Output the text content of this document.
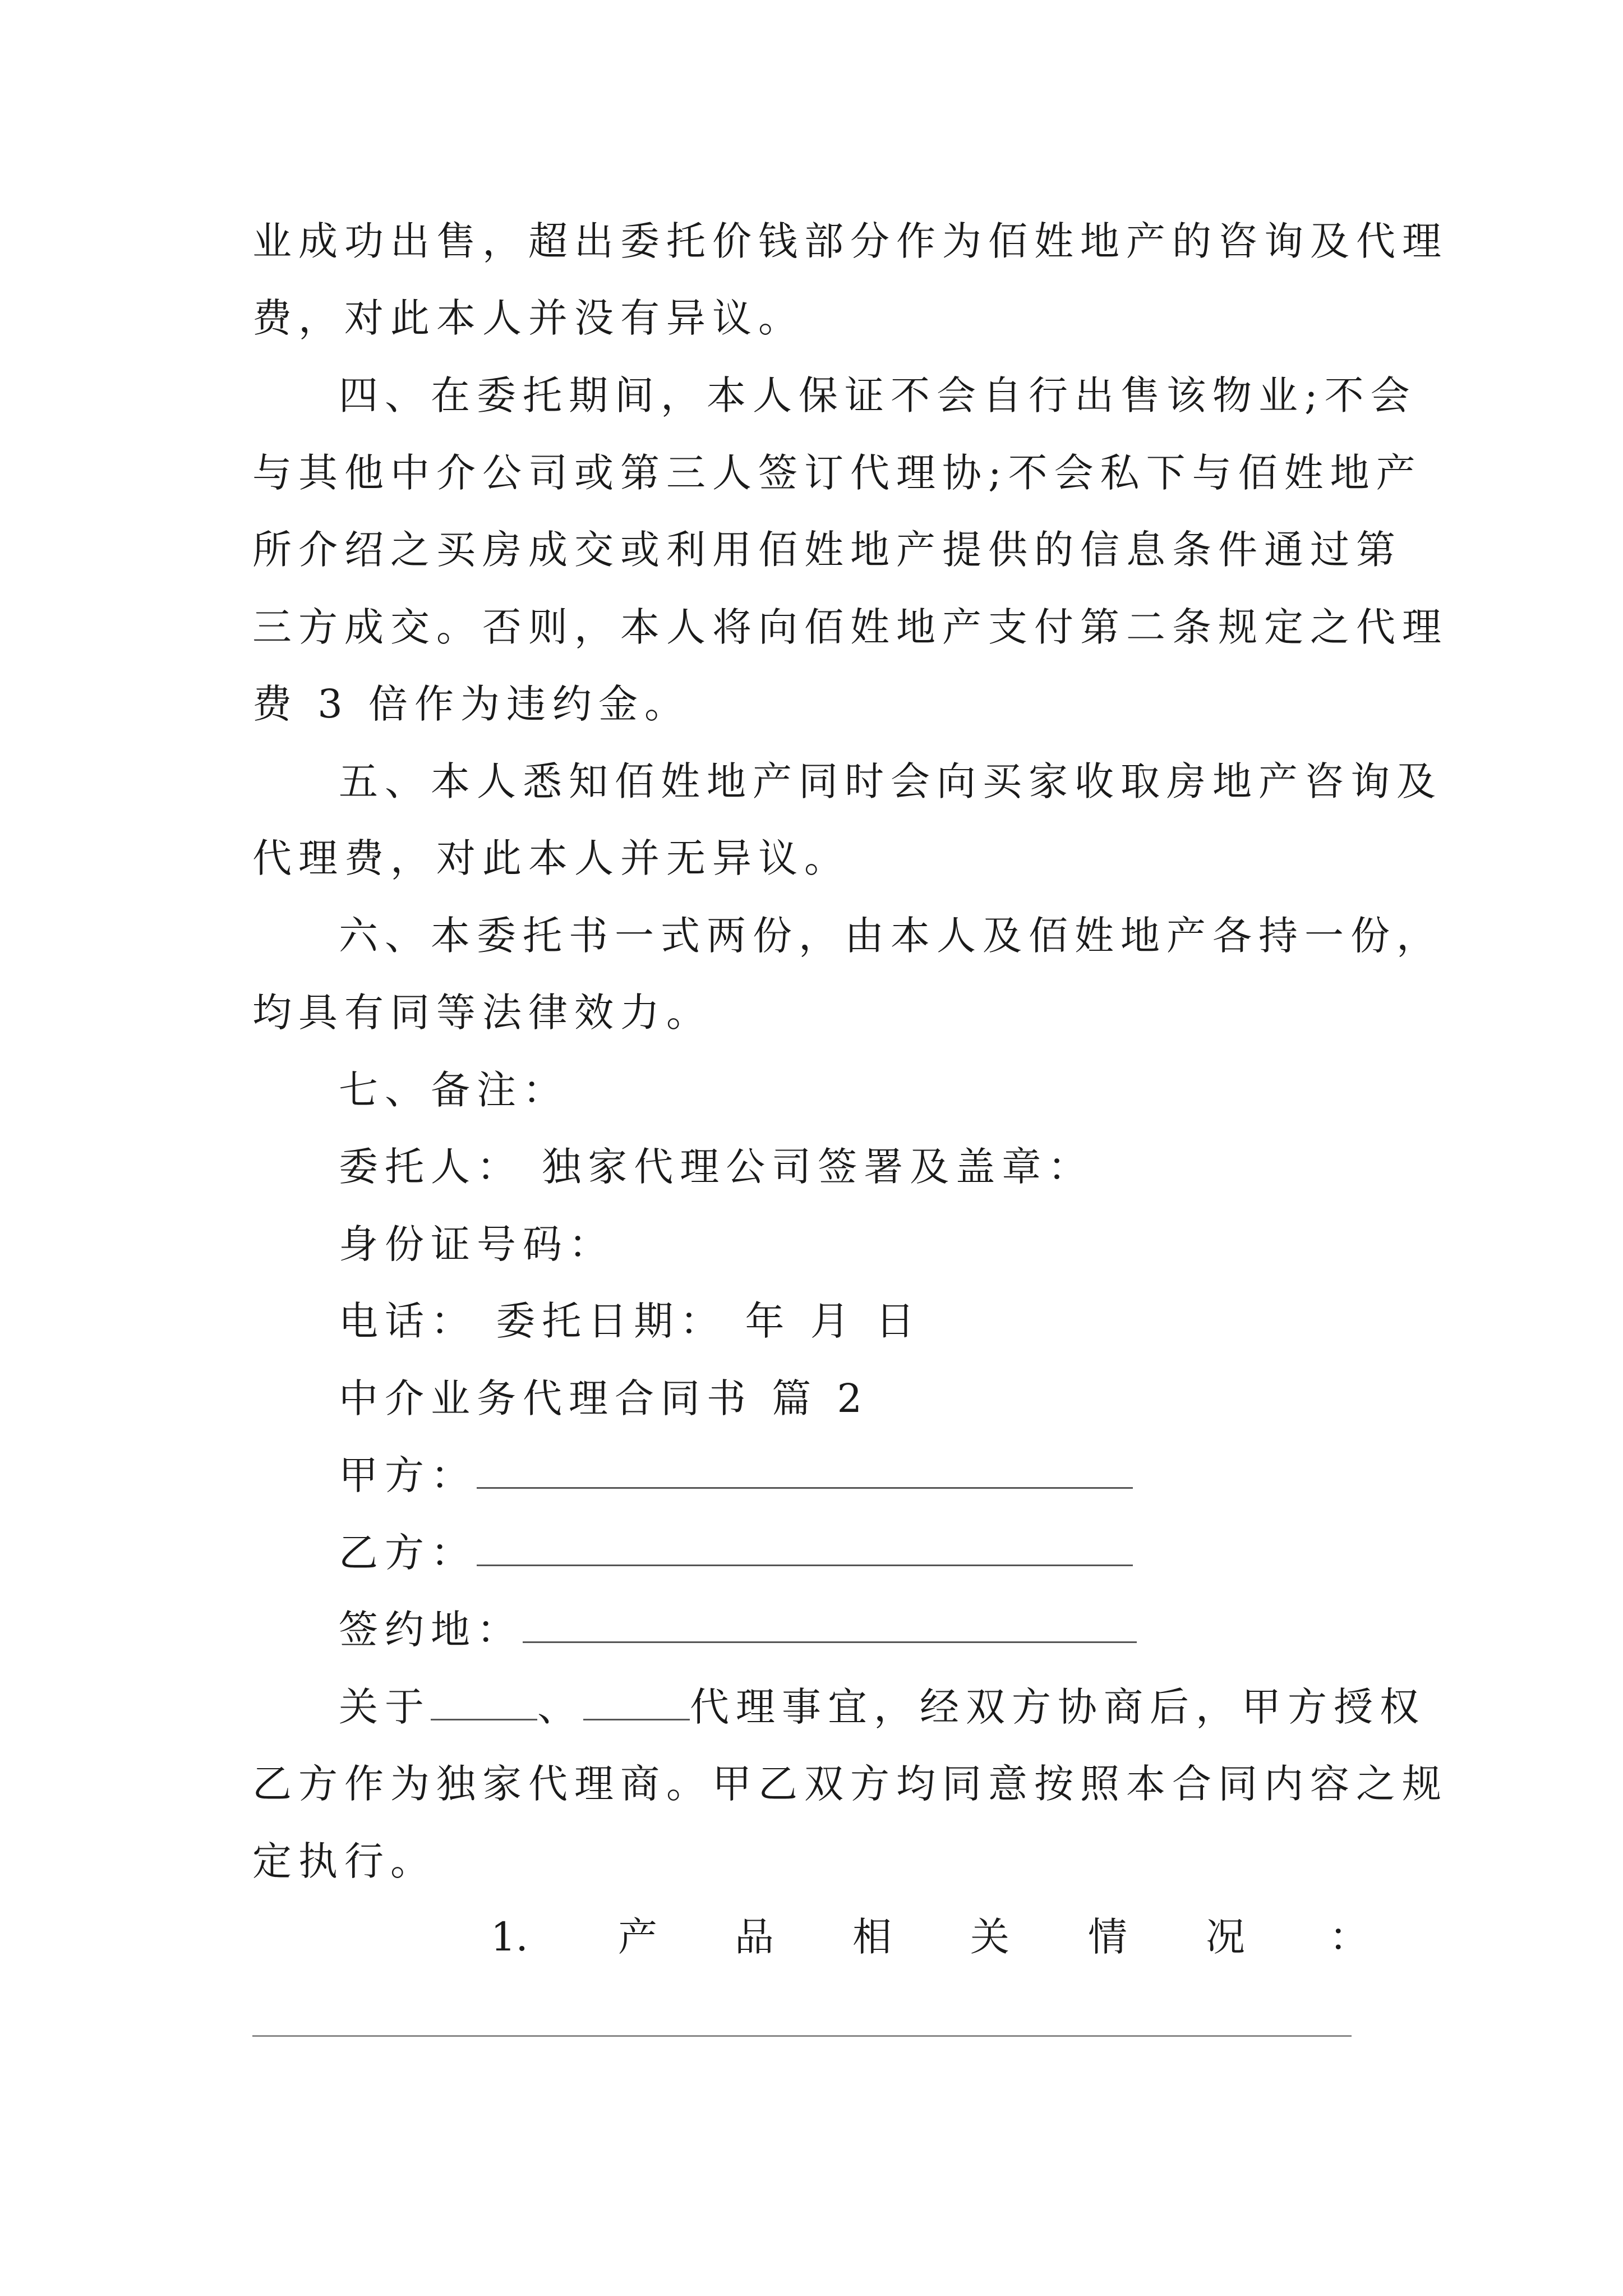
业成功出售，超出委托价钱部分作为佰姓地产的咨询及代理
费，对此本人并没有异议。
四、在委托期间，本人保证不会自行出售该物业;不会
与其他中介公司或第三人签订代理协;不会私下与佰姓地产
所介绍之买房成交或利用佰姓地产提供的信息条件通过第
三方成交。否则，本人将向佰姓地产支付第二条规定之代理
费 3 倍作为违约金。
五、本人悉知佰姓地产同时会向买家收取房地产咨询及
代理费，对此本人并无异议。
六、本委托书一式两份，由本人及佰姓地产各持一份，
均具有同等法律效力。
七、备注：
委托人： 独家代理公司签署及盖章：
身份证号码：
电话： 委托日期： 年 月 日
中介业务代理合同书 篇 2
甲方：
乙方：
签约地：
关于	、	代理事宜，经双方协商后，甲方授权
乙方作为独家代理商。甲乙双方均同意按照本合同内容之规
定执行。
1. 产 品 相 关 情 况 ：
